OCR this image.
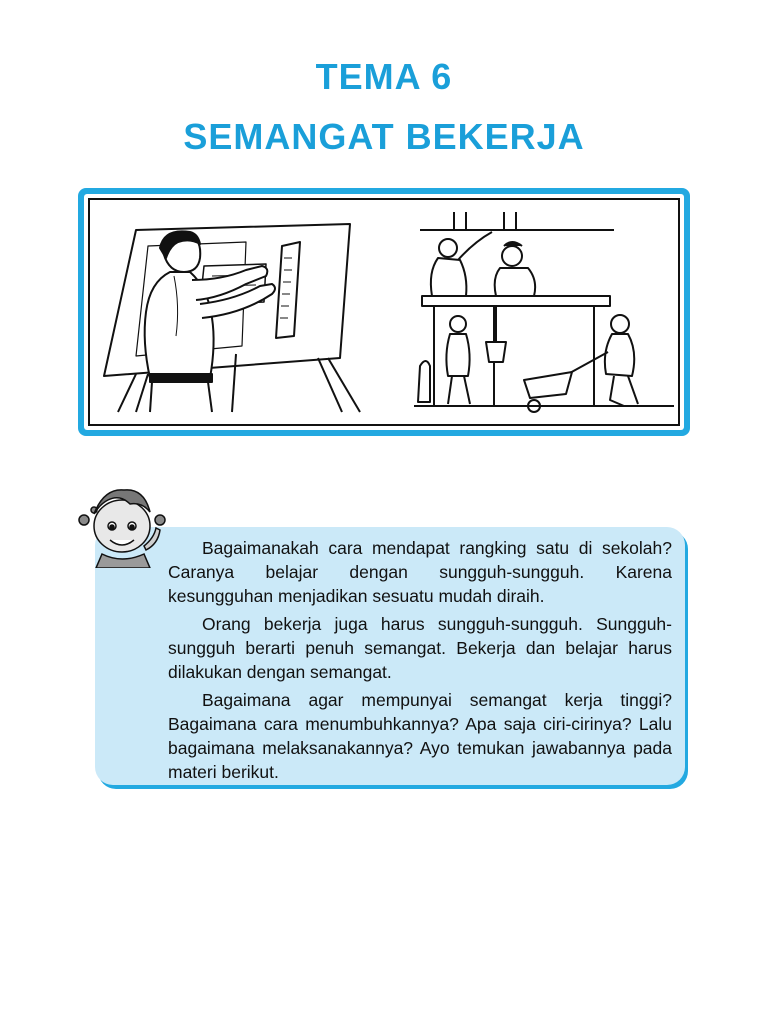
TEMA 6
SEMANGAT BEKERJA

Bagaimanakah cara mendapat rangking satu di sekolah? Caranya belajar dengan sungguh-sungguh. Karena kesungguhan menjadikan sesuatu mudah diraih.

Orang bekerja juga harus sungguh-sungguh. Sungguh-sungguh berarti penuh semangat. Bekerja dan belajar harus dilakukan dengan semangat.

Bagaimana agar mempunyai semangat kerja tinggi? Bagaimana cara menumbuhkannya? Apa saja ciri-cirinya? Lalu bagaimana melaksanakannya? Ayo temukan jawabannya pada materi berikut.
